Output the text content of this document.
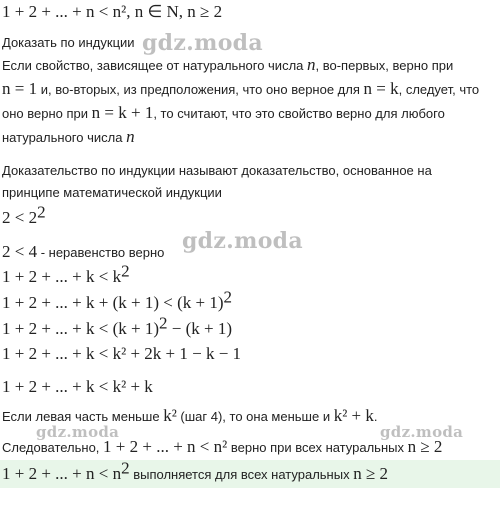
1 + 2 + ... + n < n², n ∈ N, n ≥ 2
Доказать по индукции
Если свойство, зависящее от натурального числа n, во-первых, верно при
n = 1 и, во-вторых, из предположения, что оно верное для n = k, следует, что
оно верно при n = k + 1, то считают, что это свойство верно для любого
натурального числа n
Доказательство по индукции называют доказательство, основанное на
принципе математической индукции
$2 < 2^2$
2 < 4 - неравенство верно
1 + 2 + ... + $k < k^2$
1 + 2 + ... + $k + (k + 1) < (k + 1)^2$
1 + 2 + ... + $k < (k + 1)^2 - (k + 1)$
1 + 2 + ... + k < k² + 2k + 1 − k − 1
1 + 2 + ... + k < k² + k
Если левая часть меньше k² (шаг 4), то она меньше и k² + k.
Следовательно, 1 + 2 + ... + n < n² верно при всех натуральных n ≥ 2
1 + 2 + ... + $n < n^2$ выполняется для всех натуральных n ≥ 2
gdz.moda
gdz.moda
gdz.moda	gdz.moda
